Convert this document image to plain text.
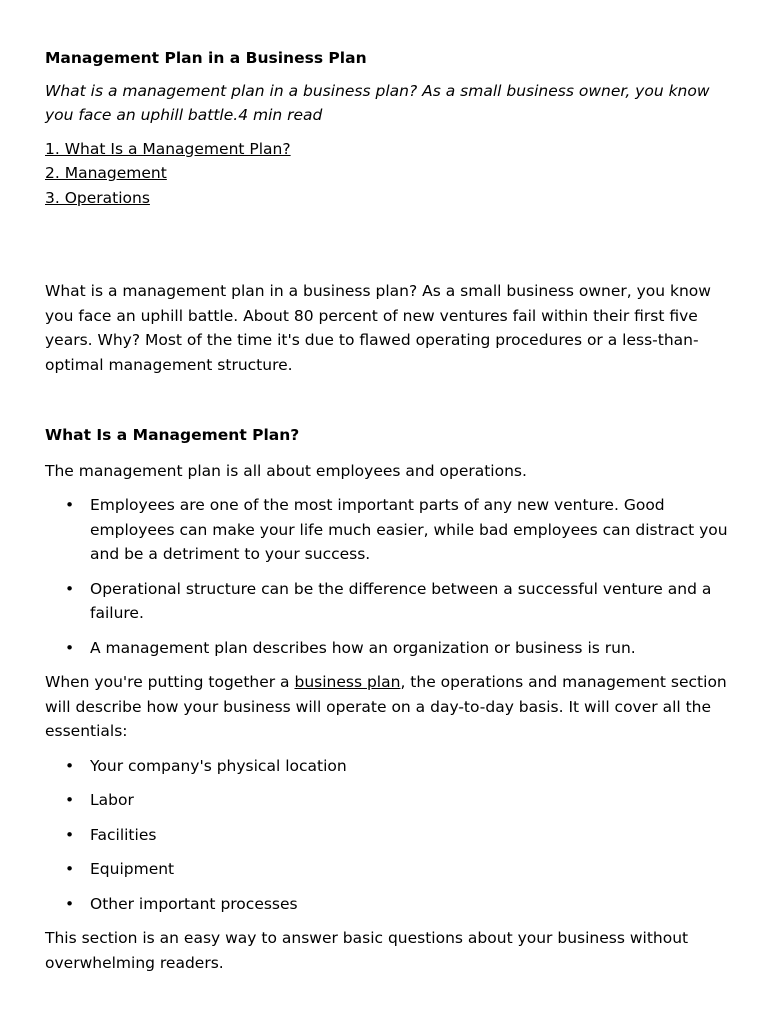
Management Plan in a Business Plan

What is a management plan in a business plan? As a small business owner, you know you face an uphill battle.4 min read

1. What Is a Management Plan?
2. Management
3. Operations

What is a management plan in a business plan? As a small business owner, you know you face an uphill battle. About 80 percent of new ventures fail within their first five years. Why? Most of the time it's due to flawed operating procedures or a less-than-optimal management structure.

What Is a Management Plan?

The management plan is all about employees and operations.

• Employees are one of the most important parts of any new venture. Good employees can make your life much easier, while bad employees can distract you and be a detriment to your success.
• Operational structure can be the difference between a successful venture and a failure.
• A management plan describes how an organization or business is run.

When you're putting together a business plan, the operations and management section will describe how your business will operate on a day-to-day basis. It will cover all the essentials:

• Your company's physical location
• Labor
• Facilities
• Equipment
• Other important processes

This section is an easy way to answer basic questions about your business without overwhelming readers.
